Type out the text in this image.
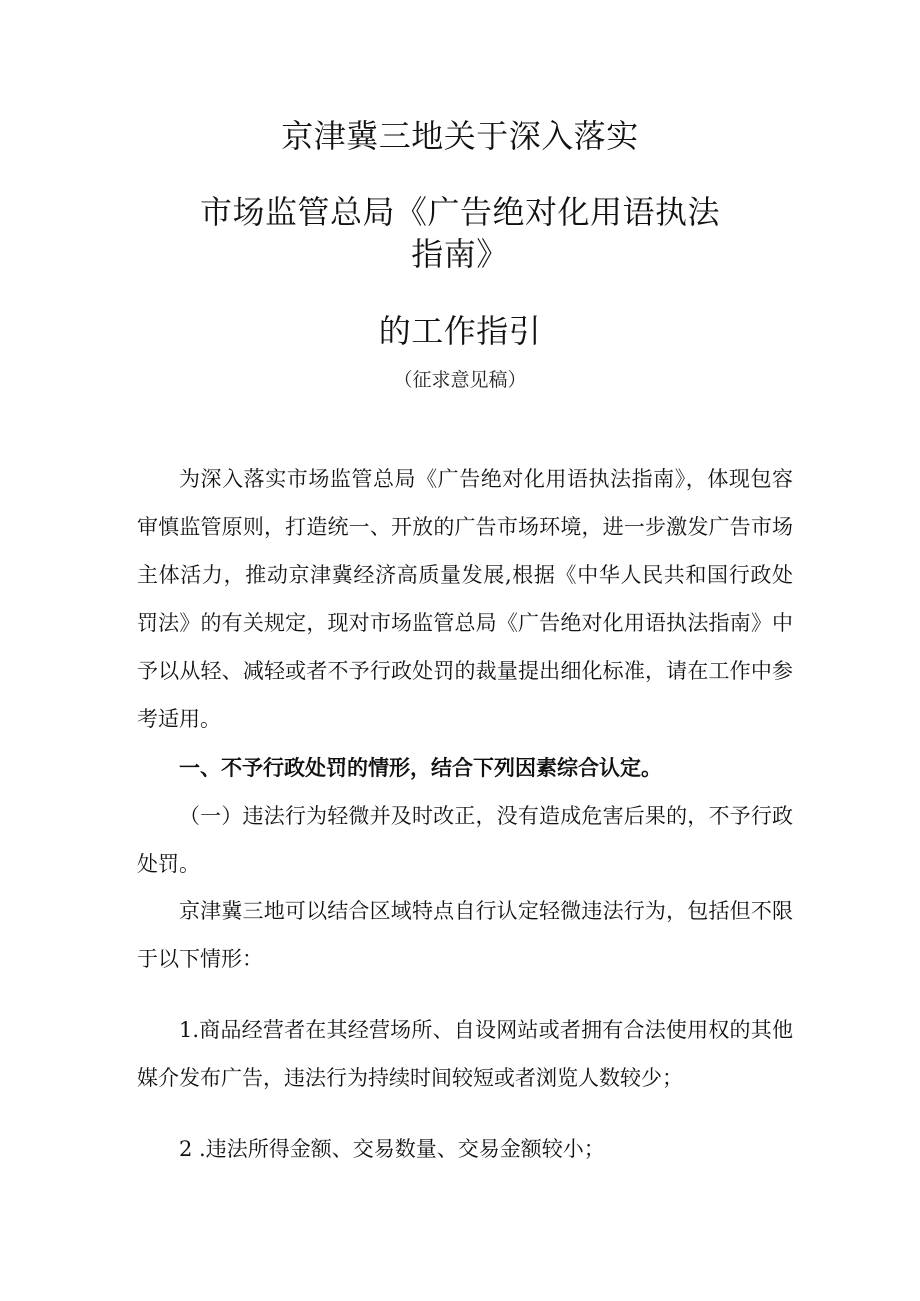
京津冀三地关于深入落实
市场监管总局《广告绝对化用语执法
指南》
的工作指引
（征求意见稿）

为深入落实市场监管总局《广告绝对化用语执法指南》，体现包容审慎监管原则，打造统一、开放的广告市场环境，进一步激发广告市场主体活力，推动京津冀经济高质量发展,根据《中华人民共和国行政处罚法》的有关规定，现对市场监管总局《广告绝对化用语执法指南》中予以从轻、减轻或者不予行政处罚的裁量提出细化标准，请在工作中参考适用。

一、不予行政处罚的情形，结合下列因素综合认定。

（一）违法行为轻微并及时改正，没有造成危害后果的，不予行政处罚。

京津冀三地可以结合区域特点自行认定轻微违法行为，包括但不限于以下情形：

1.商品经营者在其经营场所、自设网站或者拥有合法使用权的其他媒介发布广告，违法行为持续时间较短或者浏览人数较少；

2 .违法所得金额、交易数量、交易金额较小；
